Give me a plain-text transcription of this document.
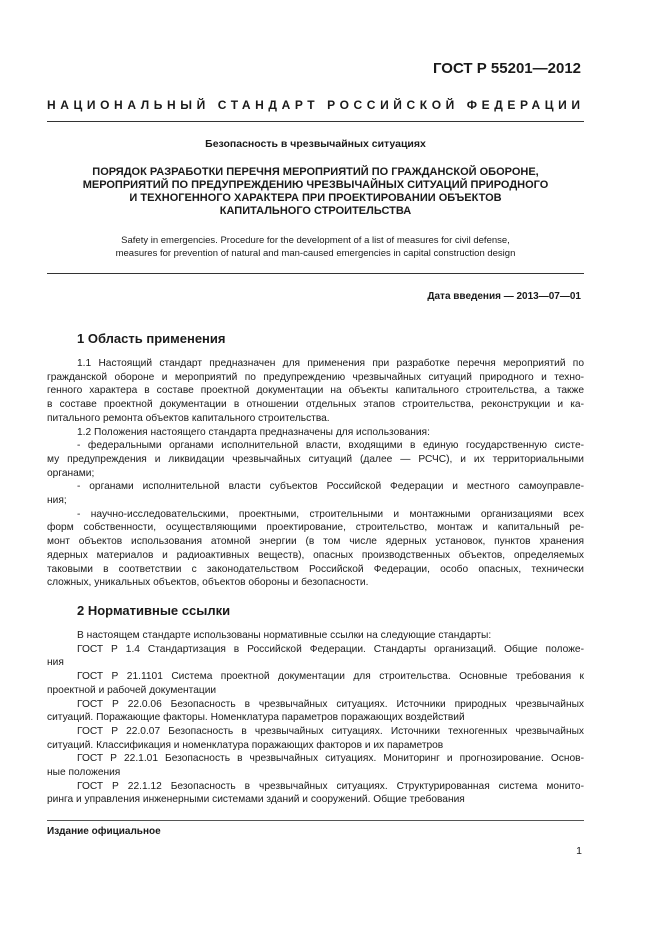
ГОСТ Р 55201—2012
НАЦИОНАЛЬНЫЙ СТАНДАРТ РОССИЙСКОЙ ФЕДЕРАЦИИ
Безопасность в чрезвычайных ситуациях
ПОРЯДОК РАЗРАБОТКИ ПЕРЕЧНЯ МЕРОПРИЯТИЙ ПО ГРАЖДАНСКОЙ ОБОРОНЕ,
МЕРОПРИЯТИЙ ПО ПРЕДУПРЕЖДЕНИЮ ЧРЕЗВЫЧАЙНЫХ СИТУАЦИЙ ПРИРОДНОГО
И ТЕХНОГЕННОГО ХАРАКТЕРА ПРИ ПРОЕКТИРОВАНИИ ОБЪЕКТОВ
КАПИТАЛЬНОГО СТРОИТЕЛЬСТВА
Safety in emergencies. Procedure for the development of a list of measures for civil defense,
measures for prevention of natural and man-caused emergencies in capital construction design
Дата введения — 2013—07—01
1 Область применения
1.1 Настоящий стандарт предназначен для применения при разработке перечня мероприятий по
гражданской обороне и мероприятий по предупреждению чрезвычайных ситуаций природного и техно-
генного характера в составе проектной документации на объекты капитального строительства, а также
в составе проектной документации в отношении отдельных этапов строительства, реконструкции и ка-
питального ремонта объектов капитального строительства.
1.2 Положения настоящего стандарта предназначены для использования:
- федеральными органами исполнительной власти, входящими в единую государственную систе-
му предупреждения и ликвидации чрезвычайных ситуаций (далее — РСЧС), и их территориальными
органами;
- органами исполнительной власти субъектов Российской Федерации и местного самоуправле-
ния;
- научно-исследовательскими, проектными, строительными и монтажными организациями всех
форм собственности, осуществляющими проектирование, строительство, монтаж и капитальный ре-
монт объектов использования атомной энергии (в том числе ядерных установок, пунктов хранения
ядерных материалов и радиоактивных веществ), опасных производственных объектов, определяемых
таковыми в соответствии с законодательством Российской Федерации, особо опасных, технически
сложных, уникальных объектов, объектов обороны и безопасности.
2 Нормативные ссылки
В настоящем стандарте использованы нормативные ссылки на следующие стандарты:
ГОСТ Р 1.4 Стандартизация в Российской Федерации. Стандарты организаций. Общие положе-
ния
ГОСТ Р 21.1101 Система проектной документации для строительства. Основные требования к
проектной и рабочей документации
ГОСТ Р 22.0.06 Безопасность в чрезвычайных ситуациях. Источники природных чрезвычайных
ситуаций. Поражающие факторы. Номенклатура параметров поражающих воздействий
ГОСТ Р 22.0.07 Безопасность в чрезвычайных ситуациях. Источники техногенных чрезвычайных
ситуаций. Классификация и номенклатура поражающих факторов и их параметров
ГОСТ Р 22.1.01 Безопасность в чрезвычайных ситуациях. Мониторинг и прогнозирование. Основ-
ные положения
ГОСТ Р 22.1.12 Безопасность в чрезвычайных ситуациях. Структурированная система монито-
ринга и управления инженерными системами зданий и сооружений. Общие требования
Издание официальное
1
